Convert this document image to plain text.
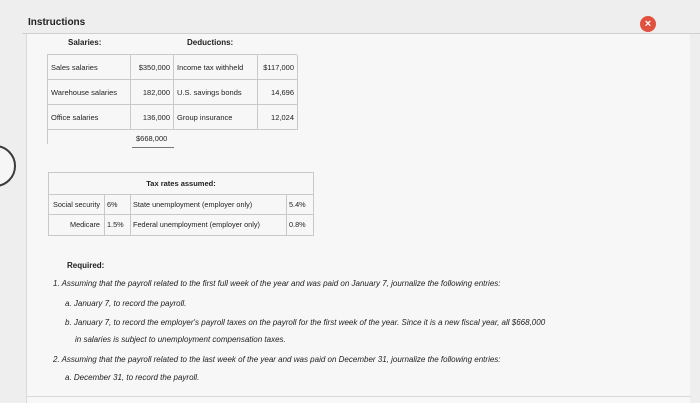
Instructions	×
Salaries:	Deductions:
Sales salaries	$350,000 Income tax withheld	$117,000
Warehouse salaries	182,000 U.S. savings bonds	14,696
Office salaries	136,000 Group insurance	12,024
$668,000
Tax rates assumed:
Social security 6%	State unemployment (employer only)	5.4%
Medicare 1.5%	Federal unemployment (employer only)	0.8%
Required:
1. Assuming that the payroll related to the first full week of the year and was paid on January 7, journalize the following entries:
a. January 7, to record the payroll.
b. January 7, to record the employer's payroll taxes on the payroll for the first week of the year. Since it is a new fiscal year, all $668,000
in salaries is subject to unemployment compensation taxes.
2. Assuming that the payroll related to the last week of the year and was paid on December 31, journalize the following entries:
a. December 31, to record the payroll.
